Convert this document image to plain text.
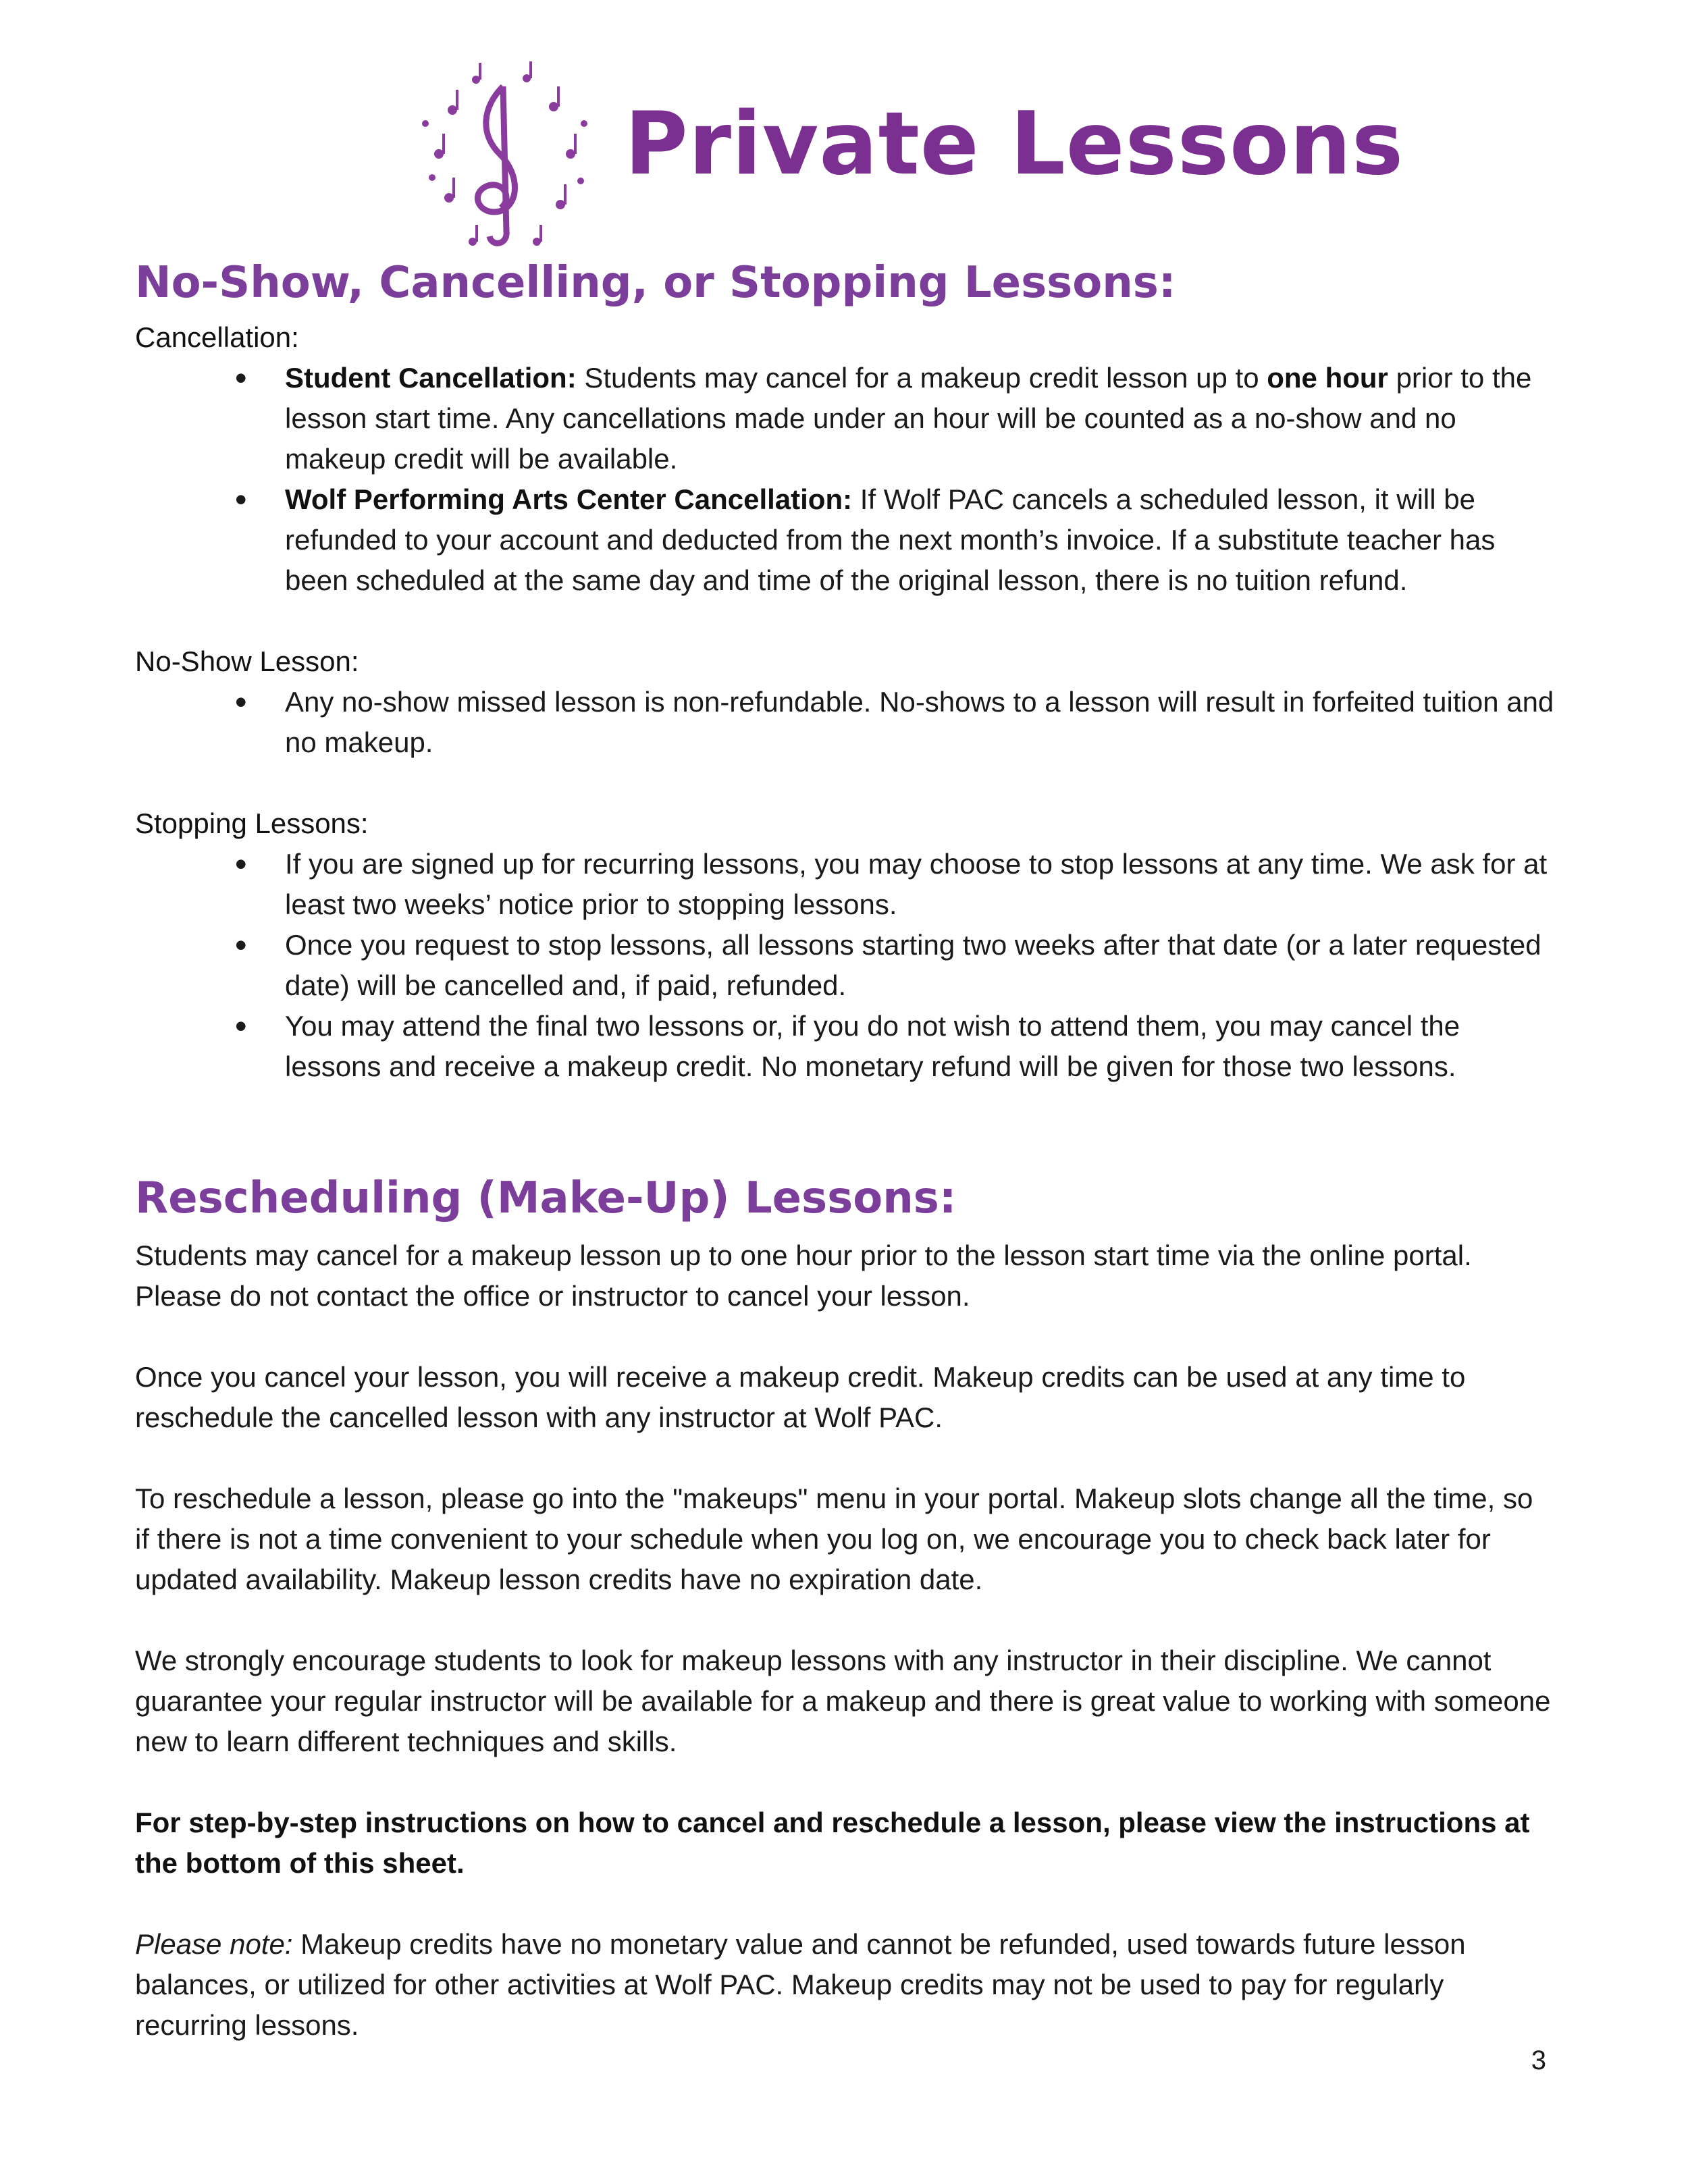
Private Lessons
No-Show, Cancelling, or Stopping Lessons:
Cancellation:
• Student Cancellation: Students may cancel for a makeup credit lesson up to one hour prior to the lesson start time. Any cancellations made under an hour will be counted as a no-show and no makeup credit will be available.
• Wolf Performing Arts Center Cancellation: If Wolf PAC cancels a scheduled lesson, it will be refunded to your account and deducted from the next month’s invoice. If a substitute teacher has been scheduled at the same day and time of the original lesson, there is no tuition refund.
No-Show Lesson:
• Any no-show missed lesson is non-refundable. No-shows to a lesson will result in forfeited tuition and no makeup.
Stopping Lessons:
• If you are signed up for recurring lessons, you may choose to stop lessons at any time. We ask for at least two weeks’ notice prior to stopping lessons.
• Once you request to stop lessons, all lessons starting two weeks after that date (or a later requested date) will be cancelled and, if paid, refunded.
• You may attend the final two lessons or, if you do not wish to attend them, you may cancel the lessons and receive a makeup credit. No monetary refund will be given for those two lessons.
Rescheduling (Make-Up) Lessons:

Students may cancel for a makeup lesson up to one hour prior to the lesson start time via the online portal. Please do not contact the office or instructor to cancel your lesson.

Once you cancel your lesson, you will receive a makeup credit. Makeup credits can be used at any time to reschedule the cancelled lesson with any instructor at Wolf PAC.

To reschedule a lesson, please go into the "makeups" menu in your portal. Makeup slots change all the time, so if there is not a time convenient to your schedule when you log on, we encourage you to check back later for updated availability. Makeup lesson credits have no expiration date.

We strongly encourage students to look for makeup lessons with any instructor in their discipline. We cannot guarantee your regular instructor will be available for a makeup and there is great value to working with someone new to learn different techniques and skills.

For step-by-step instructions on how to cancel and reschedule a lesson, please view the instructions at the bottom of this sheet.

Please note: Makeup credits have no monetary value and cannot be refunded, used towards future lesson balances, or utilized for other activities at Wolf PAC. Makeup credits may not be used to pay for regularly recurring lessons.

3
